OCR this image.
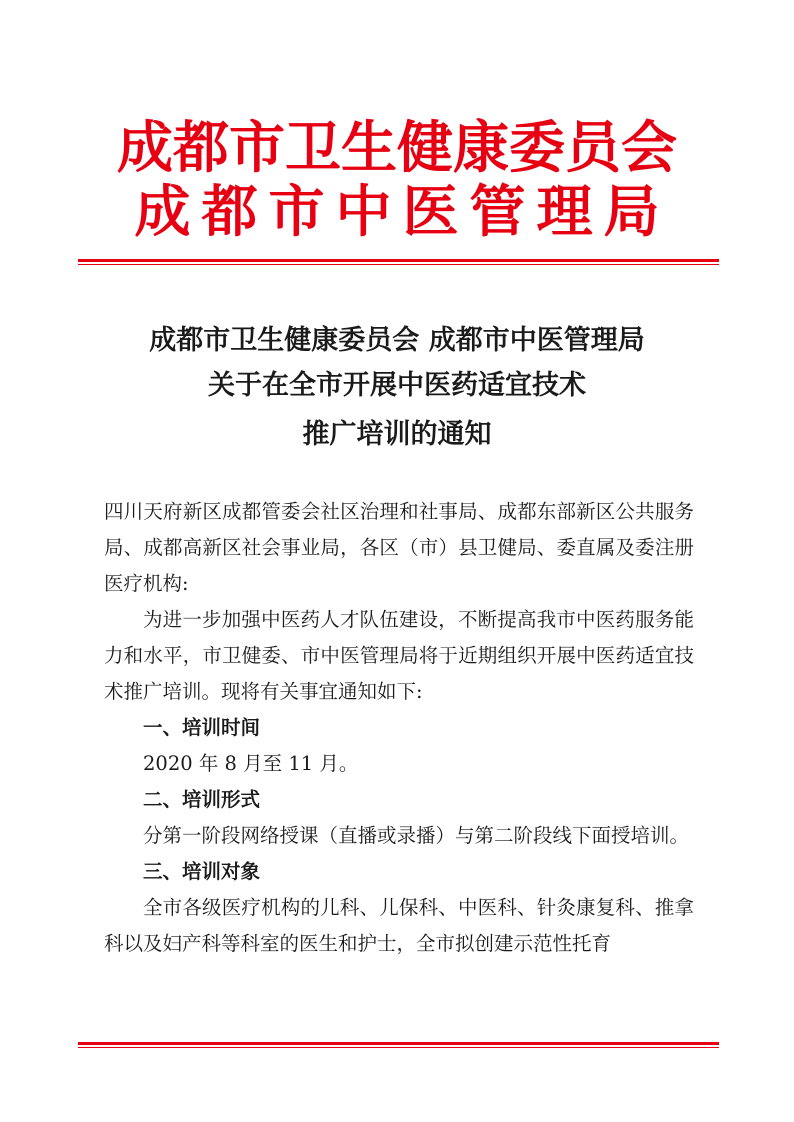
成都市卫生健康委员会
成都市中医管理局
成都市卫生健康委员会 成都市中医管理局
关于在全市开展中医药适宜技术
推广培训的通知

四川天府新区成都管委会社区治理和社事局、成都东部新区公共服务局、成都高新区社会事业局，各区（市）县卫健局、委直属及委注册医疗机构:

为进一步加强中医药人才队伍建设，不断提高我市中医药服务能力和水平，市卫健委、市中医管理局将于近期组织开展中医药适宜技术推广培训。现将有关事宜通知如下:

一、培训时间

2020 年 8 月至 11 月。

二、培训形式

分第一阶段网络授课（直播或录播）与第二阶段线下面授培训。

三、培训对象

全市各级医疗机构的儿科、儿保科、中医科、针灸康复科、推拿科以及妇产科等科室的医生和护士，全市拟创建示范性托育
